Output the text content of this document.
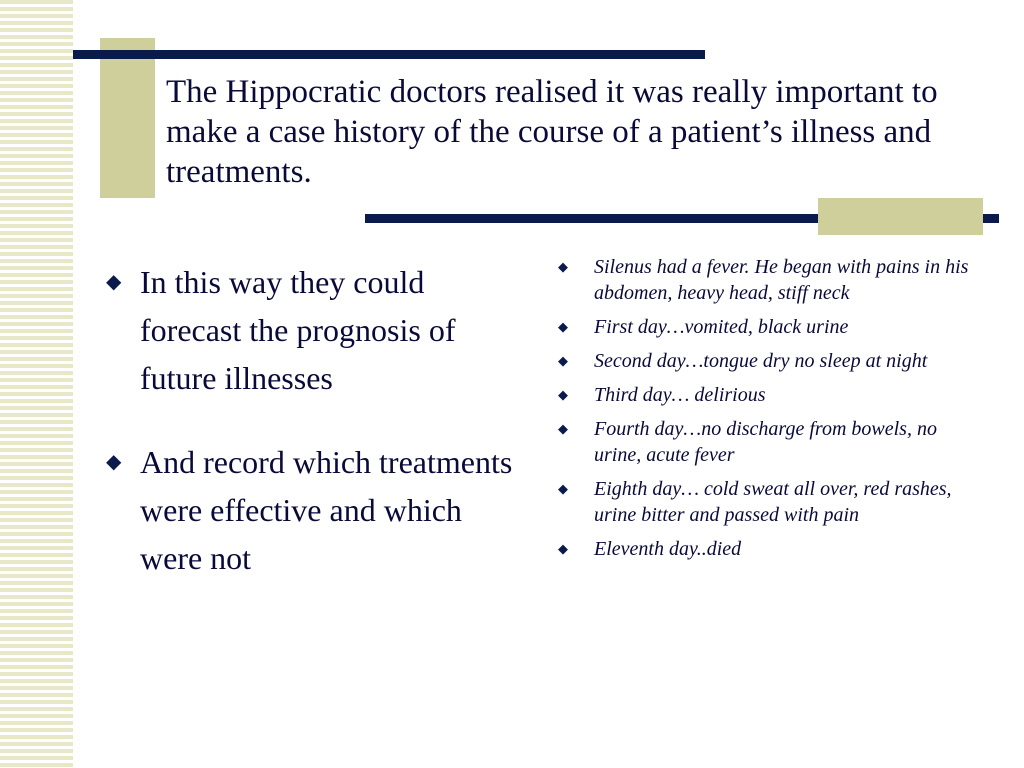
The Hippocratic doctors realised it was really important to make a case history of the course of a patient’s illness and treatments.
◆ In this way they could forecast the prognosis of future illnesses
◆ And record which treatments were effective and which were not
◆ Silenus had a fever. He began with pains in his abdomen, heavy head, stiff neck
◆ First day…vomited, black urine
◆ Second day…tongue dry no sleep at night
◆ Third day… delirious
◆ Fourth day…no discharge from bowels, no urine, acute fever
◆ Eighth day… cold sweat all over, red rashes, urine bitter and passed with pain
◆ Eleventh day..died
